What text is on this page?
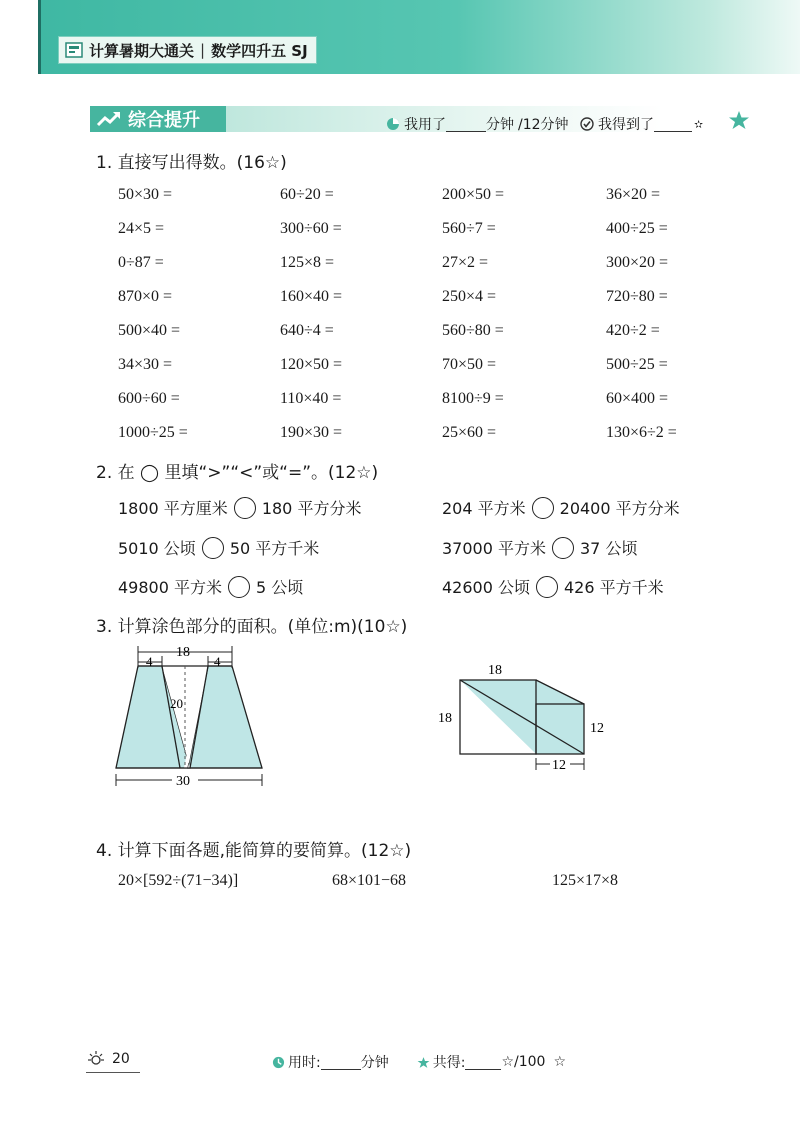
计算暑期大通关 | 数学四升五 SJ
综合提升	我用了	分钟 /12分钟 我得到了	✫
1. 直接写出得数。(16☆)
50×30 =	60÷20 =	200×50 =	36×20 =
24×5 =	300÷60 =	560÷7 =	400÷25 =
0÷87 =	125×8 =	27×2 =	300×20 =
870×0 =	160×40 =	250×4 =	720÷80 =
500×40 =	640÷4 =	560÷80 =	420÷2 =
34×30 =	120×50 =	70×50 =	500÷25 =
600÷60 =	110×40 =	8100÷9 =	60×400 =
1000÷25 =	190×30 =	25×60 =	130×6÷2 =
2. 在 ◯ 里填“>”“<”或“=”。(12☆)
1800 平方厘米 180 平方分米	204 平方米 20400 平方分米
5010 公顷 50 平方千米	37000 平方米 37 公顷
49800 平方米 5 公顷	42600 公顷 426 平方千米
3. 计算涂色部分的面积。(单位:m)(10☆)
18
4	4
20
30
18
18
12
12
4. 计算下面各题,能简算的要简算。(12☆)
20×[592÷(71−34)]	68×101−68	125×17×8
用时:	分钟	共得:	☆/100 ☆
20
